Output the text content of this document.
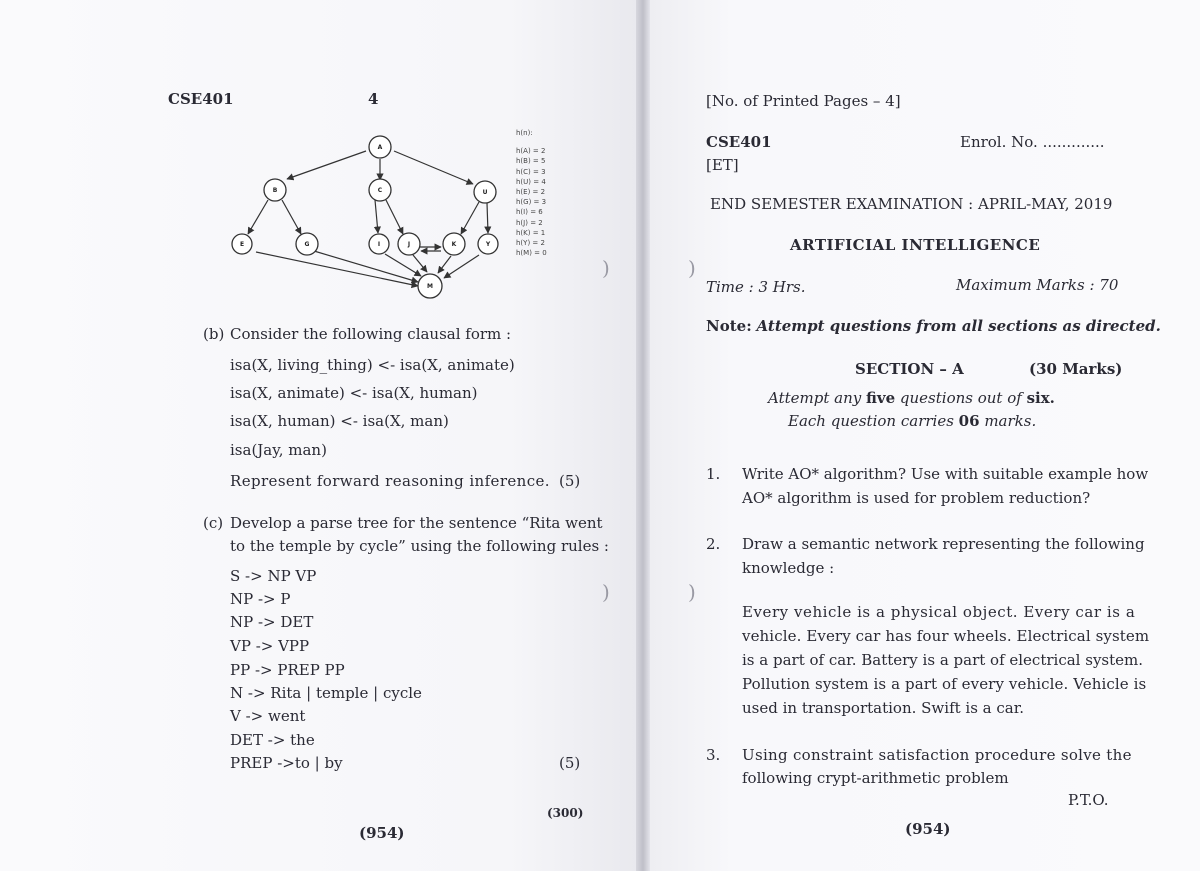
CSE401	4
A
B	C	U
E	G	I	J	K	Y
M
h(n):
h(A) = 2
h(B) = 5
h(C) = 3
h(U) = 4
h(E) = 2
h(G) = 3
h(I) = 6
h(J) = 2
h(K) = 1
h(Y) = 2
h(M) = 0
(b) Consider the following clausal form :
isa(X, living_thing) <- isa(X, animate)
isa(X, animate) <- isa(X, human)
isa(X, human) <- isa(X, man)
isa(Jay, man)
Represent forward reasoning inference. (5)
(c) Develop a parse tree for the sentence “Rita went
to the temple by cycle” using the following rules :
S -> NP VP
NP -> P
NP -> DET
VP -> VPP
PP -> PREP PP
N -> Rita | temple | cycle
V -> went
DET -> the
PREP ->to | by	(5)
(300)
(954)
)
)
)
)
[No. of Printed Pages – 4]
CSE401	Enrol. No. .............
[ET]
END SEMESTER EXAMINATION : APRIL-MAY, 2019
ARTIFICIAL INTELLIGENCE
Time : 3 Hrs.	Maximum Marks : 70
Note: Attempt questions from all sections as directed.
SECTION – A	(30 Marks)
Attempt any five questions out of six.
Each question carries 06 marks.
1. Write AO* algorithm? Use with suitable example how
AO* algorithm is used for problem reduction?
2. Draw a semantic network representing the following
knowledge :
Every vehicle is a physical object. Every car is a
vehicle. Every car has four wheels. Electrical system
is a part of car. Battery is a part of electrical system.
Pollution system is a part of every vehicle. Vehicle is
used in transportation. Swift is a car.
3. Using constraint satisfaction procedure solve the
following crypt-arithmetic problem
P.T.O.
(954)
